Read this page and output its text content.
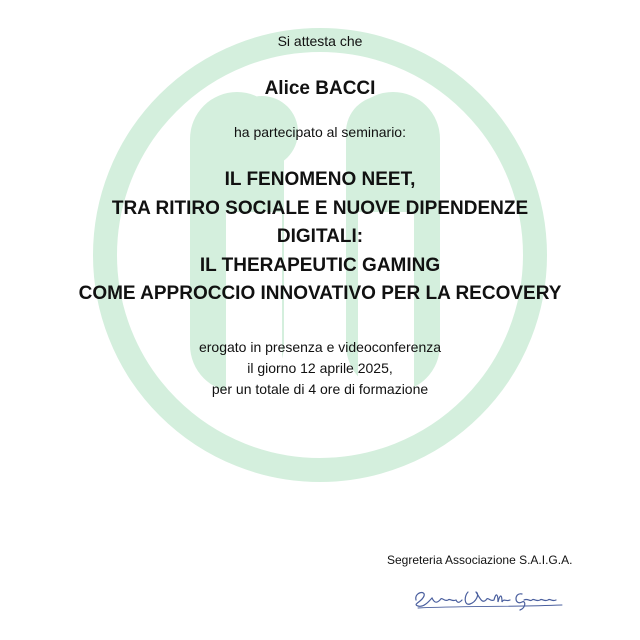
Si attesta che
Alice BACCI
ha partecipato al seminario:
IL FENOMENO NEET,
TRA RITIRO SOCIALE E NUOVE DIPENDENZE
DIGITALI:
IL THERAPEUTIC GAMING
COME APPROCCIO INNOVATIVO PER LA RECOVERY
erogato in presenza e videoconferenza
il giorno 12 aprile 2025,
per un totale di 4 ore di formazione
Segreteria Associazione S.A.I.G.A.
